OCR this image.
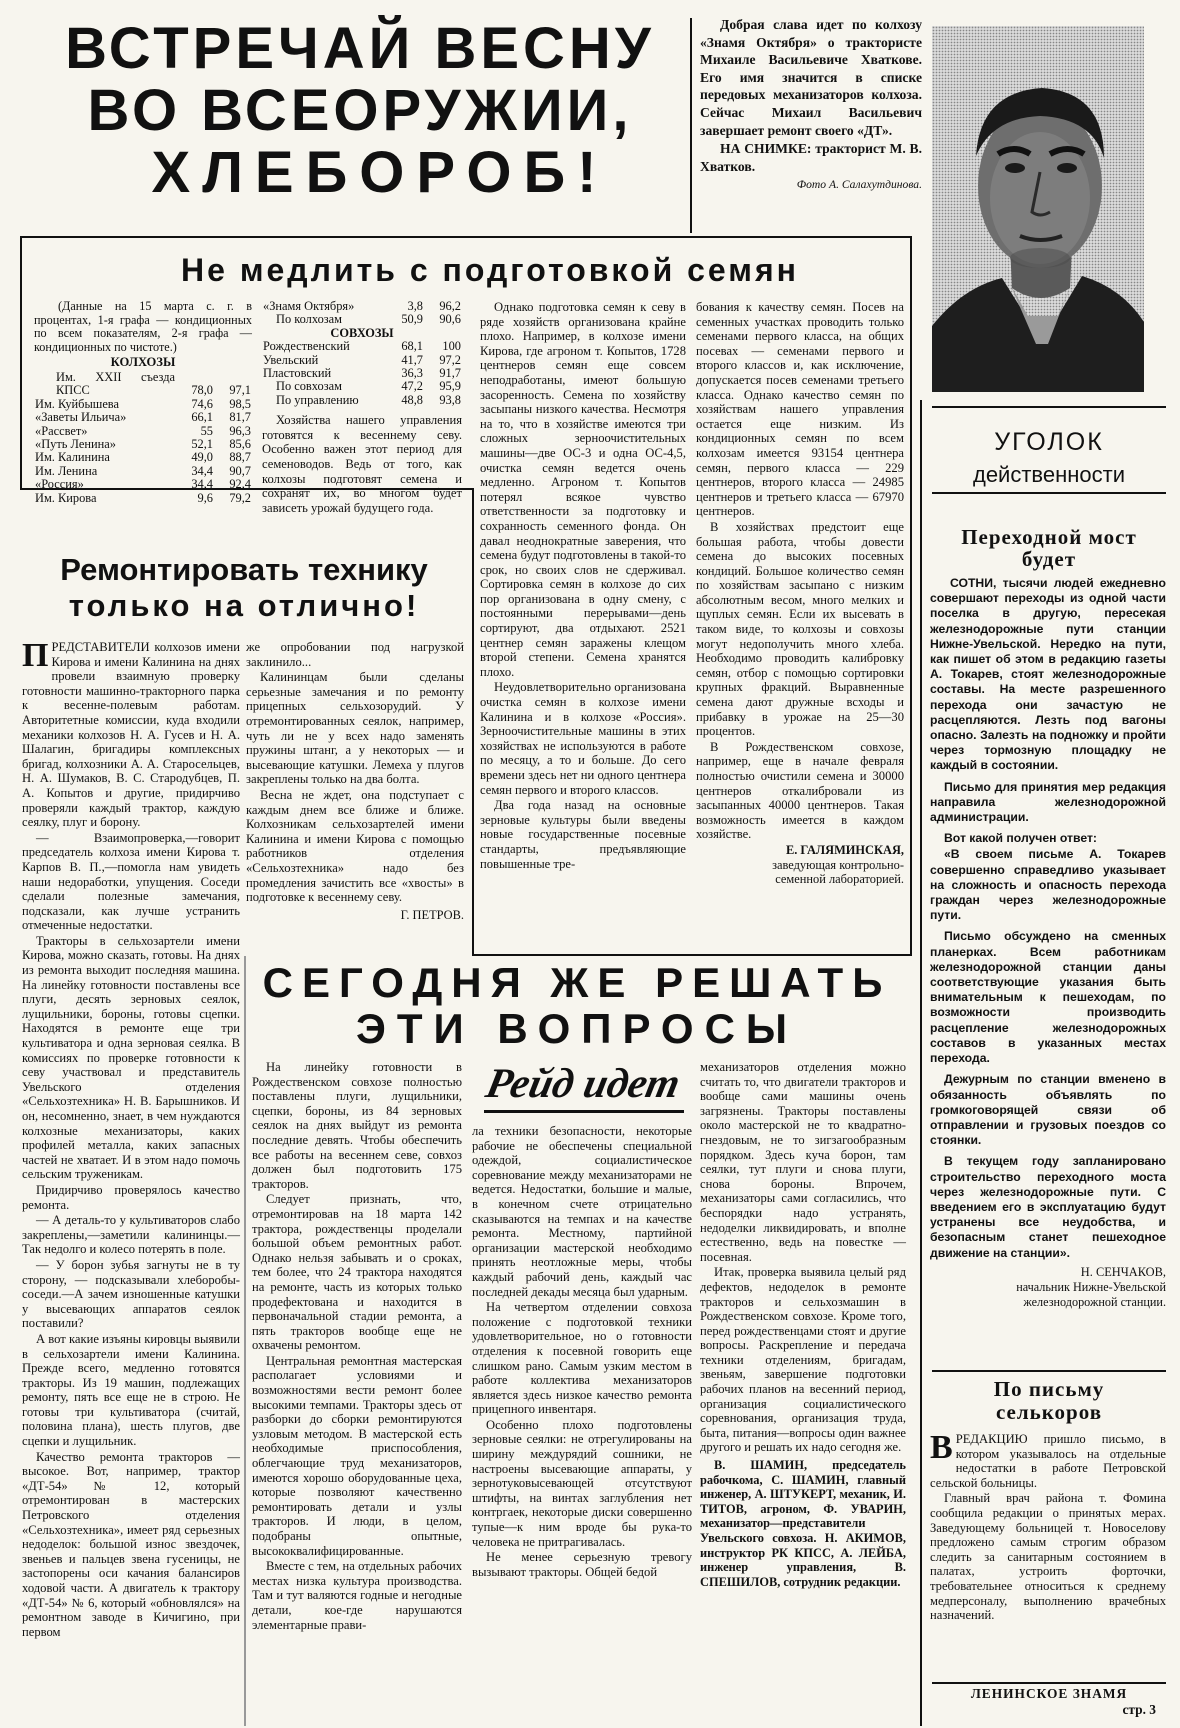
ВСТРЕЧАЙ ВЕСНУ
ВО ВСЕОРУЖИИ,
ХЛЕБОРОБ!

Добрая слава идет по колхозу «Знамя Октября» о трактористе Михаиле Васильевиче Хваткове. Его имя значится в списке передовых механизаторов колхоза. Сейчас Михаил Васильевич завершает ремонт своего «ДТ».

НА СНИМКЕ: тракторист М. В. Хватков.

Фото А. Салахутдинова.
Не медлить с подготовкой семян

(Данные на 15 марта с. г. в процентах, 1-я графа — кондиционных по всем показателям, 2-я графа — кондиционных по чистоте.)

КОЛХОЗЫ
Им. XXII съезда КПСС	78,0	97,1
Им. Куйбышева	74,6	98,5
«Заветы Ильича»	66,1	81,7
«Рассвет»	55	96,3
«Путь Ленина»	52,1	85,6
Им. Калинина	49,0	88,7
Им. Ленина	34,4	90,7
«Россия»	34,4	92,4
Им. Кирова	9,6	79,2
«Знамя Октября»	3,8	96,2
По колхозам	50,9	90,6
СОВХОЗЫ		
Рождественский	68,1	100
Увельский	41,7	97,2
Пластовский	36,3	91,7
По совхозам	47,2	95,9
По управлению	48,8	93,8

Хозяйства нашего управления готовятся к весеннему севу. Особенно важен этот период для семеноводов. Ведь от того, как колхозы подготовят семена и сохранят их, во многом будет зависеть урожай будущего года.

Однако подготовка семян к севу в ряде хозяйств организована крайне плохо. Например, в колхозе имени Кирова, где агроном т. Копытов, 1728 центнеров семян еще совсем неподработаны, имеют большую засоренность. Семена по хозяйству засыпаны низкого качества. Несмотря на то, что в хозяйстве имеются три сложных зерноочистительных машины—две ОС-3 и одна ОС-4,5, очистка семян ведется очень медленно. Агроном т. Копытов потерял всякое чувство ответственности за подготовку и сохранность семенного фонда. Он давал неоднократные заверения, что семена будут подготовлены в такой-то срок, но своих слов не сдерживал. Сортировка семян в колхозе до сих пор организована в одну смену, с постоянными перерывами—день сортируют, два отдыхают. 2521 центнер семян заражены клещом второй степени. Семена хранятся плохо.

Неудовлетворительно организована очистка семян в колхозе имени Калинина и в колхозе «Россия». Зерноочистительные машины в этих хозяйствах не используются в работе по месяцу, а то и больше. До сего времени здесь нет ни одного центнера семян первого и второго классов.

Два года назад на основные зерновые культуры были введены новые государственные посевные стандарты, предъявляющие повышенные тре-

бования к качеству семян. Посев на семенных участках проводить только семенами первого класса, на общих посевах — семенами первого и второго классов и, как исключение, допускается посев семенами третьего класса. Однако качество семян по хозяйствам нашего управления остается еще низким. Из кондиционных семян по всем колхозам имеется 93154 центнера семян, первого класса — 229 центнеров, второго класса — 24985 центнеров и третьего класса — 67970 центнеров.

В хозяйствах предстоит еще большая работа, чтобы довести семена до высоких посевных кондиций. Большое количество семян по хозяйствам засыпано с низким абсолютным весом, много мелких и щуплых семян. Если их высевать в таком виде, то колхозы и совхозы могут недополучить много хлеба. Необходимо проводить калибровку семян, отбор с помощью сортировки крупных фракций. Выравненные семена дают дружные всходы и прибавку в урожае на 25—30 процентов.

В Рождественском совхозе, например, еще в начале февраля полностью очистили семена и 30000 центнеров откалибровали из засыпанных 40000 центнеров. Такая возможность имеется в каждом хозяйстве.

Е. ГАЛЯМИНСКАЯ,
заведующая контрольно-семенной лабораторией.
Ремонтировать технику
только на отлично!

ПРЕДСТАВИТЕЛИ колхозов имени Кирова и имени Калинина на днях провели взаимную проверку готовности машинно-тракторного парка к весенне-полевым работам. Авторитетные комиссии, куда входили механики колхозов Н. А. Гусев и Н. А. Шалагин, бригадиры комплексных бригад, колхозники А. А. Старосельцев, Н. А. Шумаков, В. С. Стародубцев, П. А. Копытов и другие, придирчиво проверяли каждый трактор, каждую сеялку, плуг и борону.

— Взаимопроверка,—говорит председатель колхоза имени Кирова т. Карпов В. П.,—помогла нам увидеть наши недоработки, упущения. Соседи сделали полезные замечания, подсказали, как лучше устранить отмеченные недостатки.

Тракторы в сельхозартели имени Кирова, можно сказать, готовы. На днях из ремонта выходит последняя машина. На линейку готовности поставлены все плуги, десять зерновых сеялок, лущильники, бороны, готовы сцепки. Находятся в ремонте еще три культиватора и одна зерновая сеялка. В комиссиях по проверке готовности к севу участвовал и представитель Увельского отделения «Сельхозтехника» Н. В. Барышников. И он, несомненно, знает, в чем нуждаются колхозные механизаторы, каких профилей металла, каких запасных частей не хватает. И в этом надо помочь сельским труженикам.

Придирчиво проверялось качество ремонта.

— А деталь-то у культиваторов слабо закреплены,—заметили калининцы.—Так недолго и колесо потерять в поле.

— У борон зубья загнуты не в ту сторону, — подсказывали хлеборобы-соседи.—А зачем изношенные катушки у высевающих аппаратов сеялок поставили?

А вот какие изъяны кировцы выявили в сельхозартели имени Калинина. Прежде всего, медленно готовятся тракторы. Из 19 машин, подлежащих ремонту, пять все еще не в строю. Не готовы три культиватора (считай, половина плана), шесть плугов, две сцепки и лущильник.

Качество ремонта тракторов — высокое. Вот, например, трактор «ДТ-54» № 12, который отремонтирован в мастерских Петровского отделения «Сельхозтехника», имеет ряд серьезных недоделок: большой износ звездочек, звеньев и пальцев звена гусеницы, не застопорены оси качания балансиров ходовой части. А двигатель к трактору «ДТ-54» № 6, который «обновлялся» на ремонтном заводе в Кичигино, при первом

же опробовании под нагрузкой заклинило...

Калининцам были сделаны серьезные замечания и по ремонту прицепных сельхозорудий. У отремонтированных сеялок, например, чуть ли не у всех надо заменять пружины штанг, а у некоторых — и высевающие катушки. Лемеха у плугов закреплены только на два болта.

Весна не ждет, она подступает с каждым днем все ближе и ближе. Колхозникам сельхозартелей имени Калинина и имени Кирова с помощью работников отделения «Сельхозтехника» надо без промедления зачистить все «хвосты» в подготовке к весеннему севу.

Г. ПЕТРОВ.
СЕГОДНЯ ЖЕ РЕШАТЬ
ЭТИ ВОПРОСЫ

На линейку готовности в Рождественском совхозе полностью поставлены плуги, лущильники, сцепки, бороны, из 84 зерновых сеялок на днях выйдут из ремонта последние девять. Чтобы обеспечить все работы на весеннем севе, совхоз должен был подготовить 175 тракторов.

Следует признать, что, отремонтировав на 18 марта 142 трактора, рождественцы проделали большой объем ремонтных работ. Однако нельзя забывать и о сроках, тем более, что 24 трактора находятся на ремонте, часть из которых только продефектована и находится в первоначальной стадии ремонта, а пять тракторов вообще еще не охвачены ремонтом.

Центральная ремонтная мастерская располагает условиями и возможностями вести ремонт более высокими темпами. Тракторы здесь от разборки до сборки ремонтируются узловым методом. В мастерской есть необходимые приспособления, облегчающие труд механизаторов, имеются хорошо оборудованные цеха, которые позволяют качественно ремонтировать детали и узлы тракторов. И люди, в целом, подобраны опытные, высококвалифицированные.

Вместе с тем, на отдельных рабочих местах низка культура производства. Там и тут валяются годные и негодные детали, кое-где нарушаются элементарные прави-

Рейд идет

ла техники безопасности, некоторые рабочие не обеспечены специальной одеждой, социалистическое соревнование между механизаторами не ведется. Недостатки, большие и малые, в конечном счете отрицательно сказываются на темпах и на качестве ремонта. Местному, партийной организации мастерской необходимо принять неотложные меры, чтобы каждый рабочий день, каждый час последней декады месяца был ударным.

На четвертом отделении совхоза положение с подготовкой техники удовлетворительное, но о готовности отделения к посевной говорить еще слишком рано. Самым узким местом в работе коллектива механизаторов является здесь низкое качество ремонта прицепного инвентаря.

Особенно плохо подготовлены зерновые сеялки: не отрегулированы на ширину междурядий сошники, не настроены высевающие аппараты, у зернотуковысевающей отсутствуют штифты, на винтах заглубления нет контргаек, некоторые диски совершенно тупые—к ним вроде бы рука-то человека не притрагивалась.

Не менее серьезную тревогу вызывают тракторы. Общей бедой

механизаторов отделения можно считать то, что двигатели тракторов и вообще сами машины очень загрязнены. Тракторы поставлены около мастерской не то квадратно-гнездовым, не то зигзагообразным порядком. Здесь куча борон, там сеялки, тут плуги и снова плуги, снова бороны. Впрочем, механизаторы сами согласились, что беспорядки надо устранять, недоделки ликвидировать, и вполне естественно, ведь на повестке — посевная.

Итак, проверка выявила целый ряд дефектов, недоделок в ремонте тракторов и сельхозмашин в Рождественском совхозе. Кроме того, перед рождественцами стоят и другие вопросы. Раскрепление и передача техники отделениям, бригадам, звеньям, завершение подготовки рабочих планов на весенний период, организация социалистического соревнования, организация труда, быта, питания—вопросы один важнее другого и решать их надо сегодня же.

В. ШАМИН, председатель рабочкома, С. ШАМИН, главный инженер, А. ШТУКЕРТ, механик, И. ТИТОВ, агроном, Ф. УВАРИН, механизатор—представители Увельского совхоза. Н. АКИМОВ, инструктор РК КПСС, А. ЛЕЙБА, инженер управления, В. СПЕШИЛОВ, сотрудник редакции.

УГОЛОК
действенности
Переходной мост будет

СОТНИ, тысячи людей ежедневно совершают переходы из одной части поселка в другую, пересекая железнодорожные пути станции Нижне-Увельской. Нередко на пути, как пишет об этом в редакцию газеты А. Токарев, стоят железнодорожные составы. На месте разрешенного перехода они зачастую не расцепляются. Лезть под вагоны опасно. Залезть на подножку и пройти через тормозную площадку не каждый в состоянии.

Письмо для принятия мер редакция направила железнодорожной администрации.

Вот какой получен ответ:

«В своем письме А. Токарев совершенно справедливо указывает на сложность и опасность перехода граждан через железнодорожные пути.

Письмо обсуждено на сменных планерках. Всем работникам железнодорожной станции даны соответствующие указания быть внимательным к пешеходам, по возможности производить расцепление железнодорожных составов в указанных местах перехода.

Дежурным по станции вменено в обязанность объявлять по громкоговорящей связи об отправлении и грузовых поездов со стоянки.

В текущем году запланировано строительство переходного моста через железнодорожные пути. С введением его в эксплуатацию будут устранены все неудобства, и безопасным станет пешеходное движение на станции».

Н. СЕНЧАКОВ,
начальник Нижне-Увельской железнодорожной станции.
По письму
селькоров

ВРЕДАКЦИЮ пришло письмо, в котором указывалось на отдельные недостатки в работе Петровской сельской больницы.

Главный врач района т. Фомина сообщила редакции о принятых мерах. Заведующему больницей т. Новоселову предложено самым строгим образом следить за санитарным состоянием в палатах, устроить форточки, требовательнее относиться к среднему медперсоналу, выполнению врачебных назначений.

ЛЕНИНСКОЕ ЗНАМЯ
стр. 3
